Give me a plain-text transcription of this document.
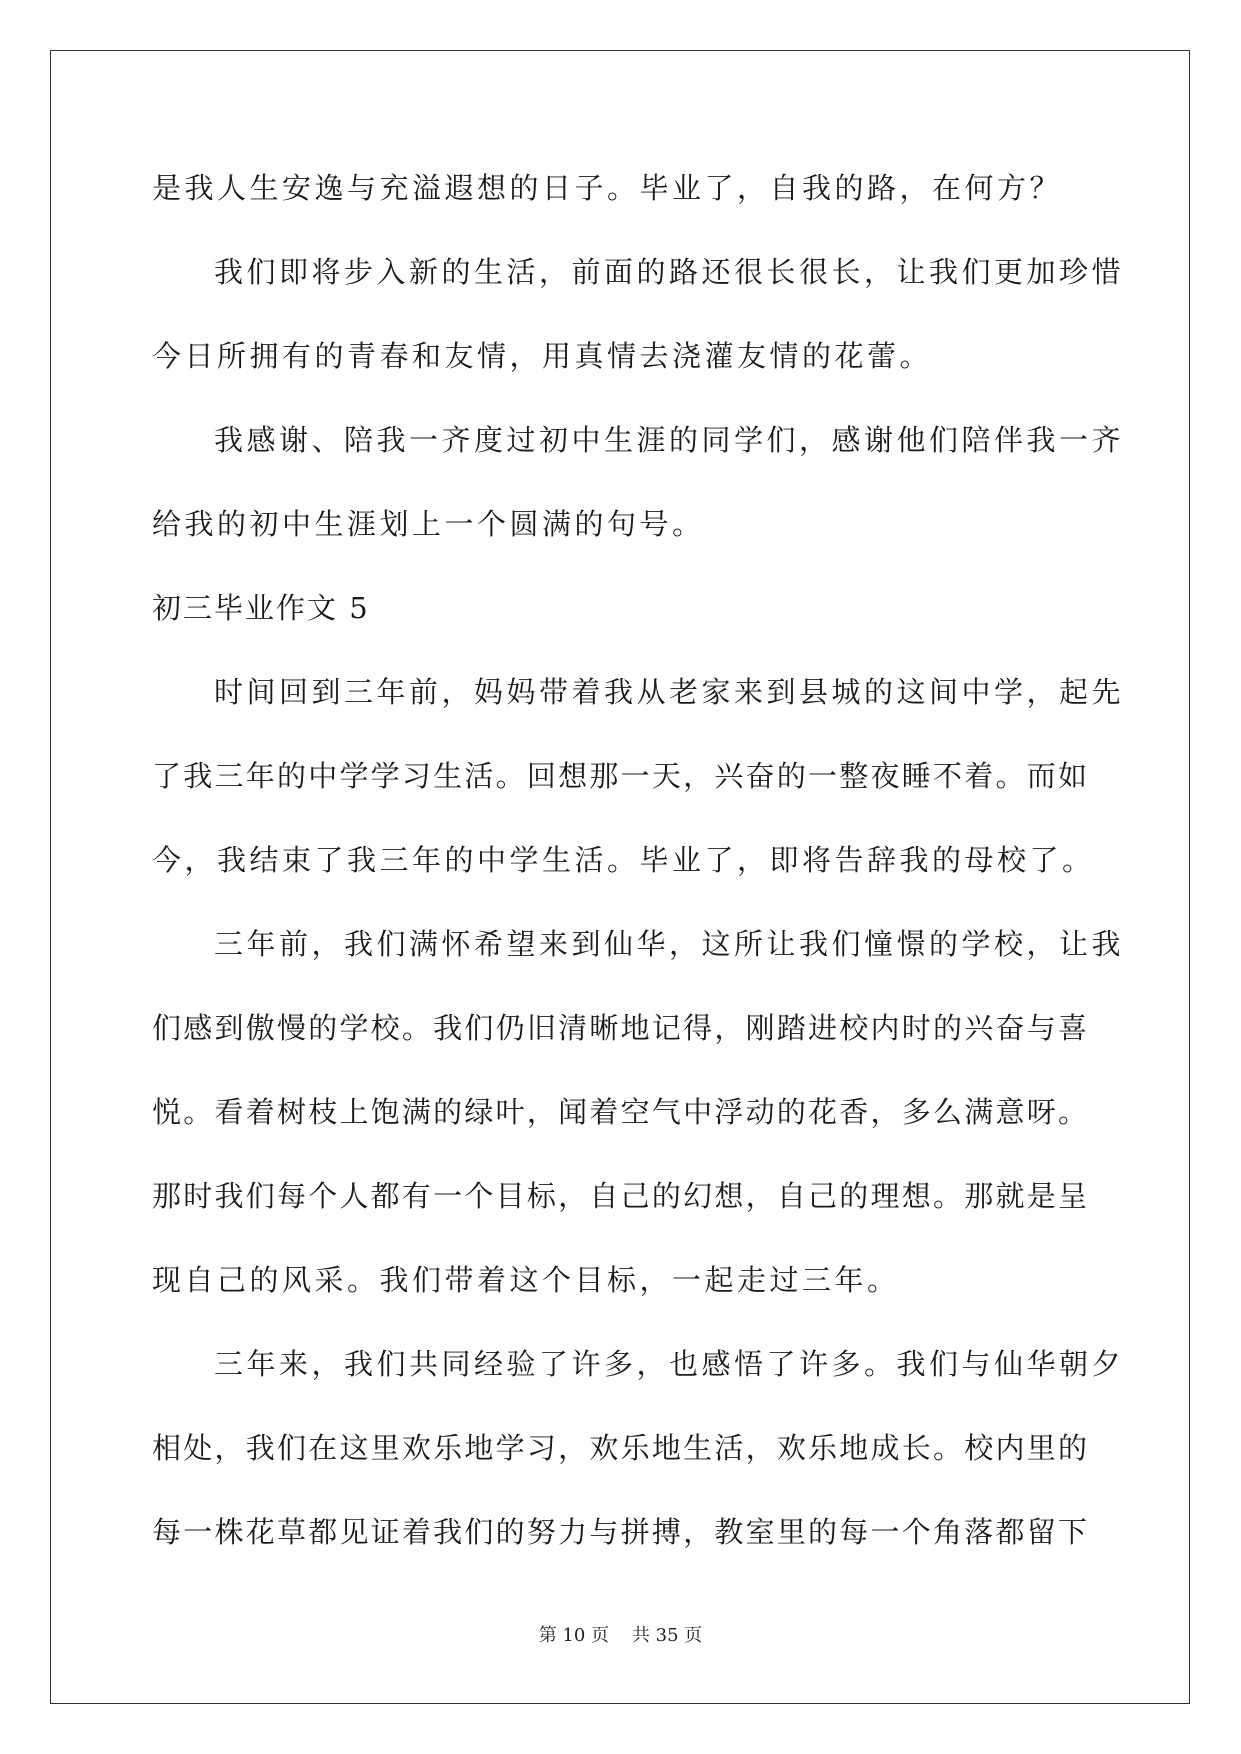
是我人生安逸与充溢遐想的日子。毕业了，自我的路，在何方？
我们即将步入新的生活，前面的路还很长很长，让我们更加珍惜
今日所拥有的青春和友情，用真情去浇灌友情的花蕾。
我感谢、陪我一齐度过初中生涯的同学们，感谢他们陪伴我一齐
给我的初中生涯划上一个圆满的句号。
初三毕业作文 5
时间回到三年前，妈妈带着我从老家来到县城的这间中学，起先
了我三年的中学学习生活。回想那一天，兴奋的一整夜睡不着。而如
今，我结束了我三年的中学生活。毕业了，即将告辞我的母校了。
三年前，我们满怀希望来到仙华，这所让我们憧憬的学校，让我
们感到傲慢的学校。我们仍旧清晰地记得，刚踏进校内时的兴奋与喜
悦。看着树枝上饱满的绿叶，闻着空气中浮动的花香，多么满意呀。
那时我们每个人都有一个目标，自己的幻想，自己的理想。那就是呈
现自己的风采。我们带着这个目标，一起走过三年。
三年来，我们共同经验了许多，也感悟了许多。我们与仙华朝夕
相处，我们在这里欢乐地学习，欢乐地生活，欢乐地成长。校内里的
每一株花草都见证着我们的努力与拼搏，教室里的每一个角落都留下
第 10 页 共 35 页
